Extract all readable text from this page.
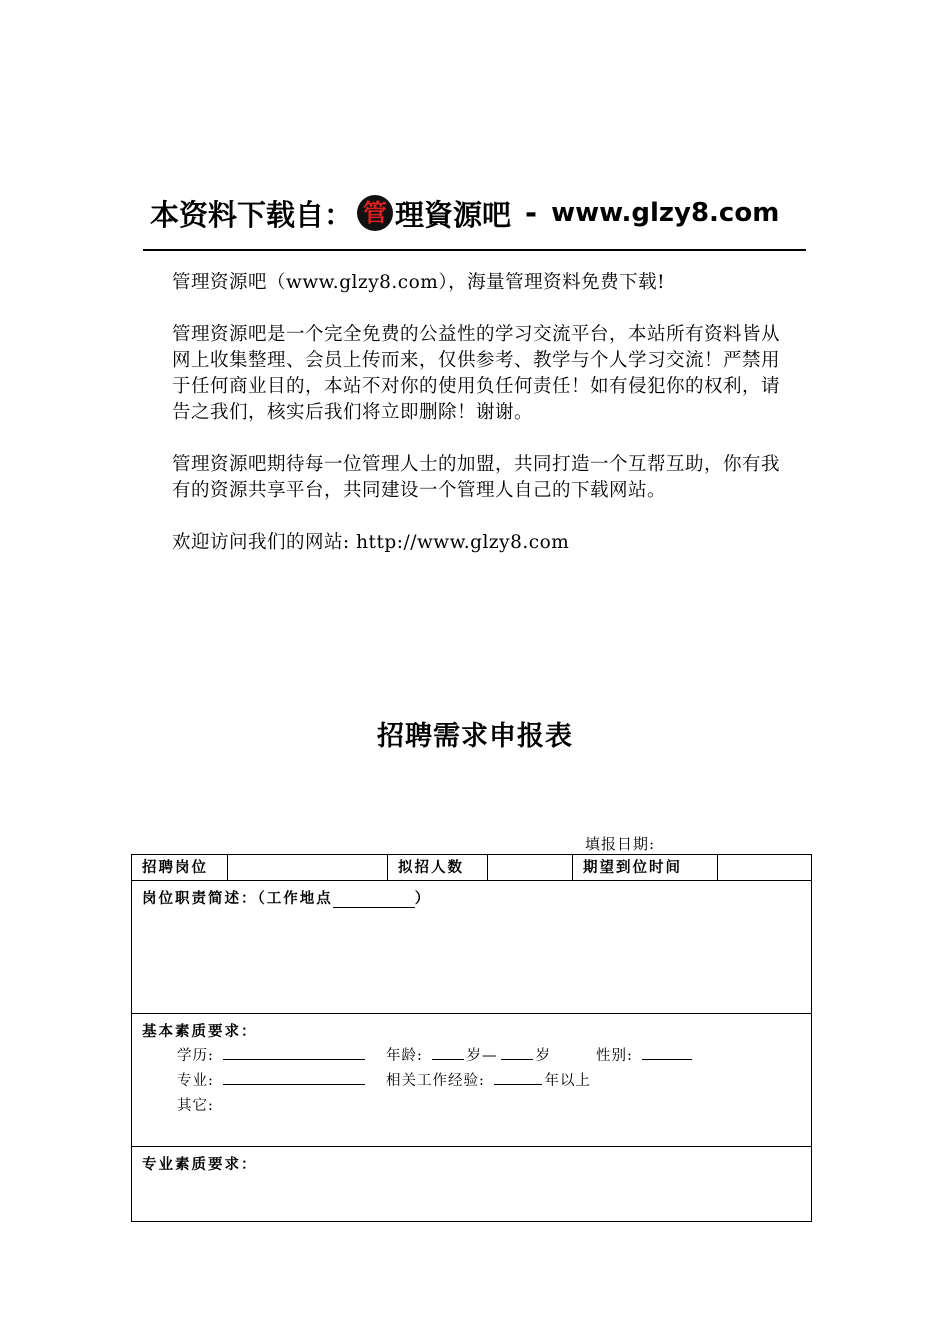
本资料下载自： 管 理資源吧 - www.glzy8.com

管理资源吧（www.glzy8.com），海量管理资料免费下载!

管理资源吧是一个完全免费的公益性的学习交流平台，本站所有资料皆从网上收集整理、会员上传而来，仅供参考、教学与个人学习交流！严禁用于任何商业目的，本站不对你的使用负任何责任！如有侵犯你的权利，请告之我们，核实后我们将立即删除！谢谢。

管理资源吧期待每一位管理人士的加盟，共同打造一个互帮互助，你有我有的资源共享平台，共同建设一个管理人自己的下载网站。

欢迎访问我们的网站: http://www.glzy8.com

招聘需求申报表
填报日期:
招聘岗位	拟招人数	期望到位时间
岗位职责简述：（工作地点	）
基本素质要求：
学历:	年龄:	岁—	岁	性别:
专业:	相关工作经验:	年以上
其它:
专业素质要求：
